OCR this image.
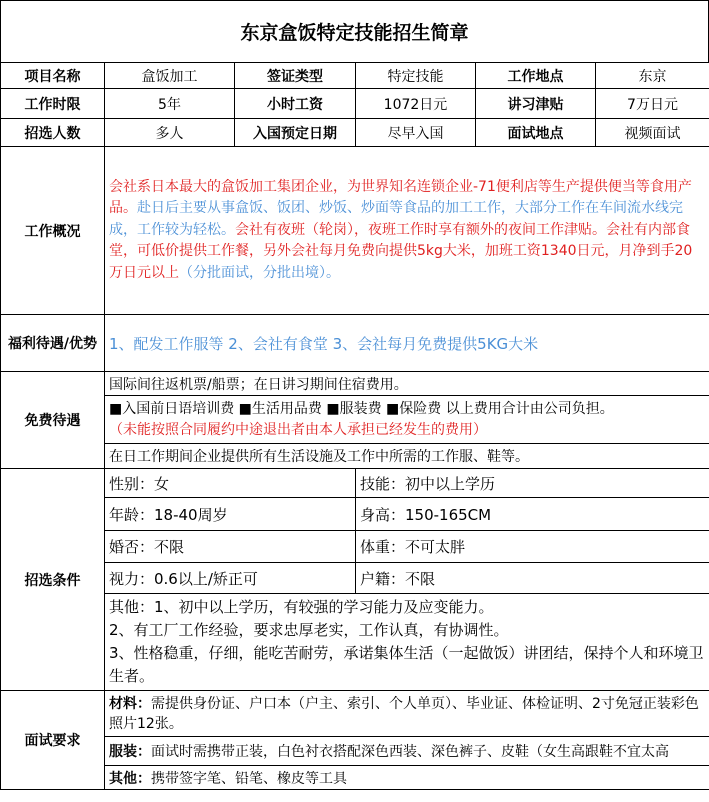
东京盒饭特定技能招生简章
项目名称	盒饭加工	签证类型	特定技能	工作地点	东京
工作时限	5年	小时工资	1072日元	讲习津贴	7万日元
招选人数	多人	入国预定日期	尽早入国	面试地点	视频面试
工作概况	会社系日本最大的盒饭加工集团企业，为世界知名连锁企业-71便利店等生产提供便当等食用产品。赴日后主要从事盒饭、饭团、炒饭、炒面等食品的加工工作，大部分工作在车间流水线完成，工作较为轻松。会社有夜班（轮岗），夜班工作时享有额外的夜间工作津贴。会社有内部食堂，可低价提供工作餐，另外会社每月免费向提供5kg大米，加班工资1340日元，月净到手20万日元以上（分批面试，分批出境）。				
福利待遇/优势	1、配发工作服等 2、会社有食堂 3、会社每月免费提供5KG大米				
免费待遇	国际间往返机票/船票；在日讲习期间住宿费用。				

	■入国前日语培训费 ■生活用品费 ■服装费 ■保险费 以上费用合计由公司负担。
（未能按照合同履约中途退出者由本人承担已经发生的费用）				

	在日工作期间企业提供所有生活设施及工作中所需的工作服、鞋等。				
招选条件	性别：女		技能：初中以上学历		
	年龄：18-40周岁		身高：150-165CM		
	婚否：不限		体重：不可太胖		
	视力：0.6以上/矫正可		户籍：不限		

	其他：1、初中以上学历，有较强的学习能力及应变能力。
2、有工厂工作经验，要求忠厚老实，工作认真，有协调性。
3、性格稳重，仔细，能吃苦耐劳，承诺集体生活（一起做饭）讲团结，保持个人和环境卫生者。				

面试要求	材料：需提供身份证、户口本（户主、索引、个人单页）、毕业证、体检证明、2寸免冠正装彩色照片12张。				
	服装：面试时需携带正装，白色衬衣搭配深色西装、深色裤子、皮鞋（女生高跟鞋不宜太高				
	其他：携带签字笔、铅笔、橡皮等工具				
